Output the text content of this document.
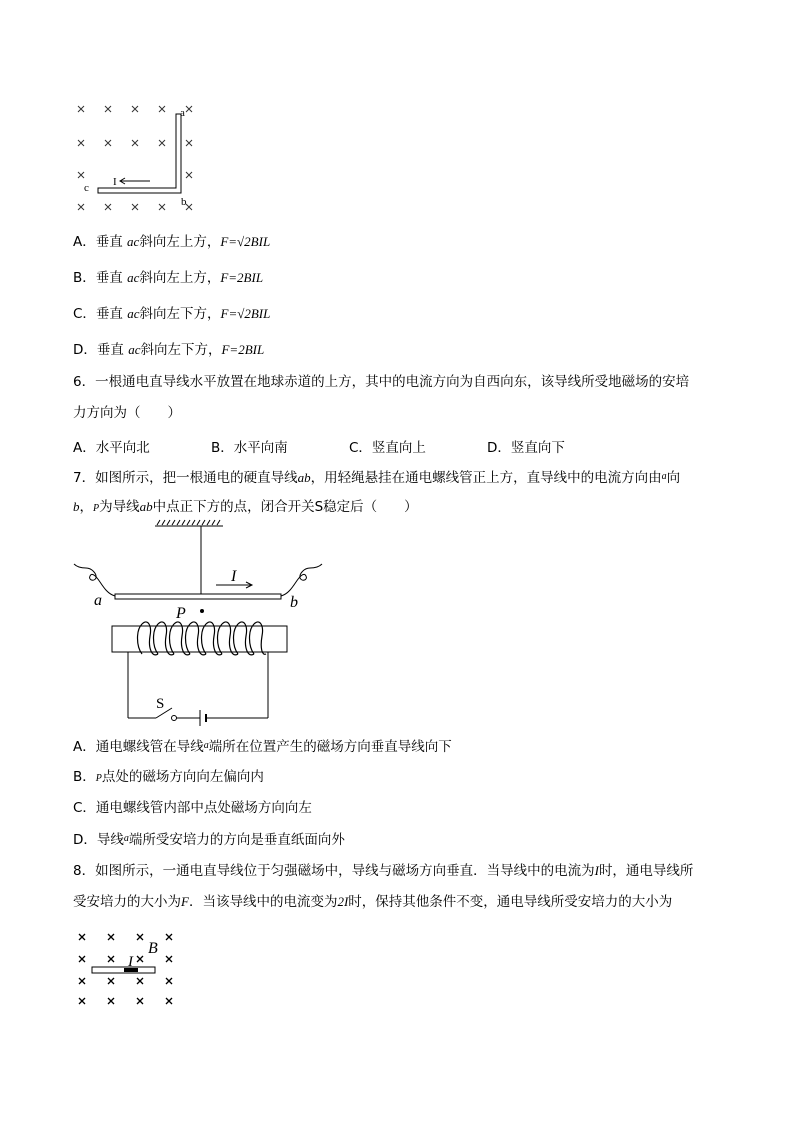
a
b
c I
A．垂直 ac斜向左上方，F=√2BIL
B．垂直 ac斜向左上方，F=2BIL
C．垂直 ac斜向左下方，F=√2BIL
D．垂直 ac斜向左下方，F=2BIL
6．一根通电直导线水平放置在地球赤道的上方，其中的电流方向为自西向东，该导线所受地磁场的安培
力方向为（　　）
A．水平向北	B．水平向南	C．竖直向上	D．竖直向下
7．如图所示，把一根通电的硬直导线ab，用轻绳悬挂在通电螺线管正上方，直导线中的电流方向由$^a$向
b，P为导线ab中点正下方的点，闭合开关S稳定后（　　）
a	b
I
P
S
A．通电螺线管在导线$^a$端所在位置产生的磁场方向垂直导线向下
B．P点处的磁场方向向左偏向内
C．通电螺线管内部中点处磁场方向向左
D．导线$^a$端所受安培力的方向是垂直纸面向外
8．如图所示，一通电直导线位于匀强磁场中，导线与磁场方向垂直．当导线中的电流为I时，通电导线所
受安培力的大小为F．当该导线中的电流变为2I时，保持其他条件不变，通电导线所受安培力的大小为
B
I
